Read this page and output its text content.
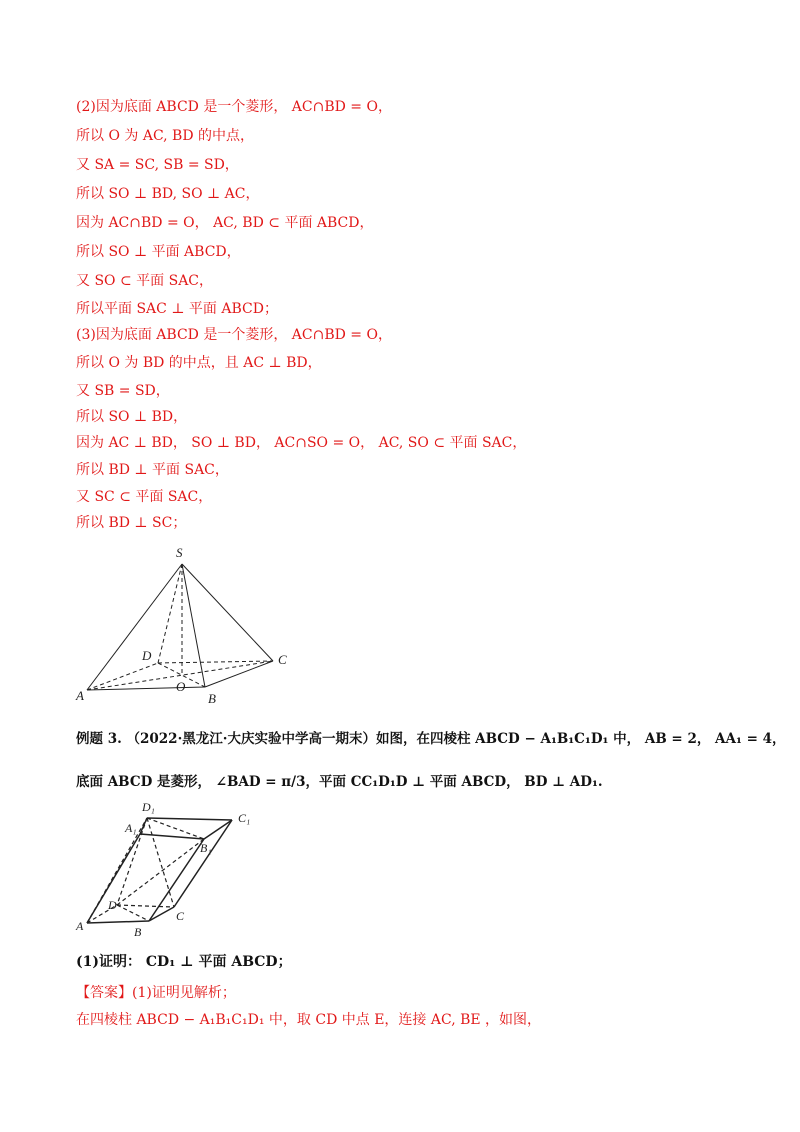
(2)因为底面 ABCD 是一个菱形， AC∩BD = O，
所以 O 为 AC, BD 的中点，
又 SA = SC, SB = SD，
所以 SO ⊥ BD, SO ⊥ AC，
因为 AC∩BD = O， AC, BD ⊂ 平面 ABCD，
所以 SO ⊥ 平面 ABCD，
又 SO ⊂ 平面 SAC，
所以平面 SAC ⊥ 平面 ABCD；
(3)因为底面 ABCD 是一个菱形， AC∩BD = O，
所以 O 为 BD 的中点，且 AC ⊥ BD，
又 SB = SD，
所以 SO ⊥ BD，
因为 AC ⊥ BD， SO ⊥ BD， AC∩SO = O， AC, SO ⊂ 平面 SAC，
所以 BD ⊥ 平面 SAC，
又 SC ⊂ 平面 SAC，
所以 BD ⊥ SC；
S
A	B
C
D
O
例题 3. （2022·黑龙江·大庆实验中学高一期末）如图，在四棱柱 ABCD − A₁B₁C₁D₁ 中， AB = 2， AA₁ = 4，
底面 ABCD 是菱形， ∠BAD = π/3，平面 CC₁D₁D ⊥ 平面 ABCD， BD ⊥ AD₁.
D₁
C₁
A₁
B₁
A	B
C
D
(1)证明： CD₁ ⊥ 平面 ABCD；
【答案】(1)证明见解析；
在四棱柱 ABCD − A₁B₁C₁D₁ 中，取 CD 中点 E，连接 AC, BE ，如图，
